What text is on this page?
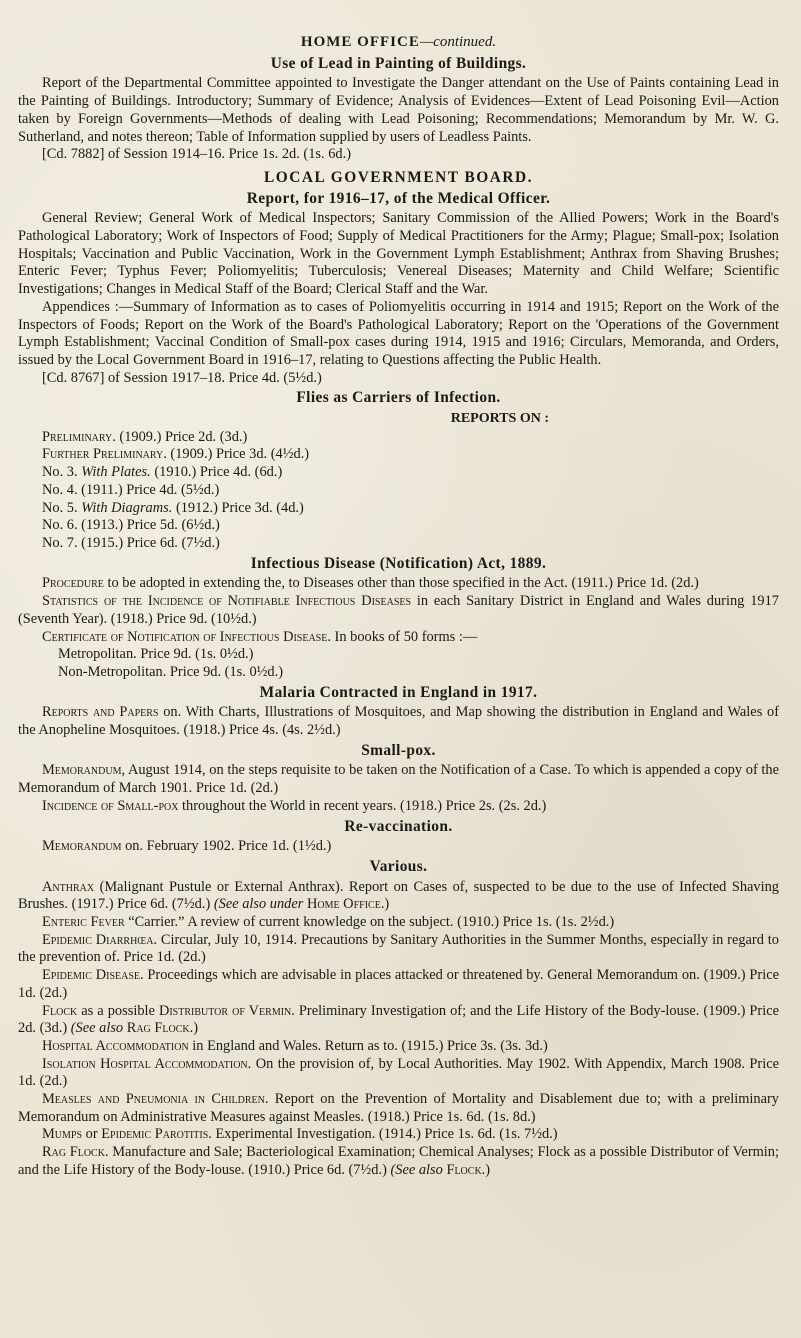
HOME OFFICE—continued.
Use of Lead in Painting of Buildings.

Report of the Departmental Committee appointed to Investigate the Danger attendant on the Use of Paints containing Lead in the Painting of Buildings. Introductory; Summary of Evidence; Analysis of Evidences—Extent of Lead Poisoning Evil—Action taken by Foreign Governments—Methods of dealing with Lead Poisoning; Recommendations; Memorandum by Mr. W. G. Sutherland, and notes thereon; Table of Information supplied by users of Leadless Paints.

[Cd. 7882] of Session 1914–16. Price 1s. 2d. (1s. 6d.)

LOCAL GOVERNMENT BOARD.
Report, for 1916–17, of the Medical Officer.

General Review; General Work of Medical Inspectors; Sanitary Commission of the Allied Powers; Work in the Board's Pathological Laboratory; Work of Inspectors of Food; Supply of Medical Practitioners for the Army; Plague; Small-pox; Isolation Hospitals; Vaccination and Public Vaccination, Work in the Government Lymph Establishment; Anthrax from Shaving Brushes; Enteric Fever; Typhus Fever; Poliomyelitis; Tuberculosis; Venereal Diseases; Maternity and Child Welfare; Scientific Investigations; Changes in Medical Staff of the Board; Clerical Staff and the War.

Appendices :—Summary of Information as to cases of Poliomyelitis occurring in 1914 and 1915; Report on the Work of the Inspectors of Foods; Report on the Work of the Board's Pathological Laboratory; Report on the 'Operations of the Government Lymph Establishment; Vaccinal Condition of Small-pox cases during 1914, 1915 and 1916; Circulars, Memoranda, and Orders, issued by the Local Government Board in 1916–17, relating to Questions affecting the Public Health.

[Cd. 8767] of Session 1917–18. Price 4d. (5½d.)

Flies as Carriers of Infection.
REPORTS ON :
Preliminary. (1909.) Price 2d. (3d.)
Further Preliminary. (1909.) Price 3d. (4½d.)
No. 3. With Plates. (1910.) Price 4d. (6d.)
No. 4. (1911.) Price 4d. (5½d.)
No. 5. With Diagrams. (1912.) Price 3d. (4d.)
No. 6. (1913.) Price 5d. (6½d.)
No. 7. (1915.) Price 6d. (7½d.)
Infectious Disease (Notification) Act, 1889.

Procedure to be adopted in extending the, to Diseases other than those specified in the Act. (1911.) Price 1d. (2d.)

Statistics of the Incidence of Notifiable Infectious Diseases in each Sanitary District in England and Wales during 1917 (Seventh Year). (1918.) Price 9d. (10½d.)

Certificate of Notification of Infectious Disease. In books of 50 forms :—

Metropolitan. Price 9d. (1s. 0½d.)
Non-Metropolitan. Price 9d. (1s. 0½d.)
Malaria Contracted in England in 1917.

Reports and Papers on. With Charts, Illustrations of Mosquitoes, and Map showing the distribution in England and Wales of the Anopheline Mosquitoes. (1918.) Price 4s. (4s. 2½d.)

Small-pox.

Memorandum, August 1914, on the steps requisite to be taken on the Notification of a Case. To which is appended a copy of the Memorandum of March 1901. Price 1d. (2d.)

Incidence of Small-pox throughout the World in recent years. (1918.) Price 2s. (2s. 2d.)

Re-vaccination.

Memorandum on. February 1902. Price 1d. (1½d.)

Various.

Anthrax (Malignant Pustule or External Anthrax). Report on Cases of, suspected to be due to the use of Infected Shaving Brushes. (1917.) Price 6d. (7½d.) (See also under Home Office.)

Enteric Fever “Carrier.” A review of current knowledge on the subject. (1910.) Price 1s. (1s. 2½d.)

Epidemic Diarrhœa. Circular, July 10, 1914. Precautions by Sanitary Authorities in the Summer Months, especially in regard to the prevention of. Price 1d. (2d.)

Epidemic Disease. Proceedings which are advisable in places attacked or threatened by. General Memorandum on. (1909.) Price 1d. (2d.)

Flock as a possible Distributor of Vermin. Preliminary Investigation of; and the Life History of the Body-louse. (1909.) Price 2d. (3d.) (See also Rag Flock.)

Hospital Accommodation in England and Wales. Return as to. (1915.) Price 3s. (3s. 3d.)

Isolation Hospital Accommodation. On the provision of, by Local Authorities. May 1902. With Appendix, March 1908. Price 1d. (2d.)

Measles and Pneumonia in Children. Report on the Prevention of Mortality and Disablement due to; with a preliminary Memorandum on Administrative Measures against Measles. (1918.) Price 1s. 6d. (1s. 8d.)

Mumps or Epidemic Parotitis. Experimental Investigation. (1914.) Price 1s. 6d. (1s. 7½d.)

Rag Flock. Manufacture and Sale; Bacteriological Examination; Chemical Analyses; Flock as a possible Distributor of Vermin; and the Life History of the Body-louse. (1910.) Price 6d. (7½d.) (See also Flock.)
